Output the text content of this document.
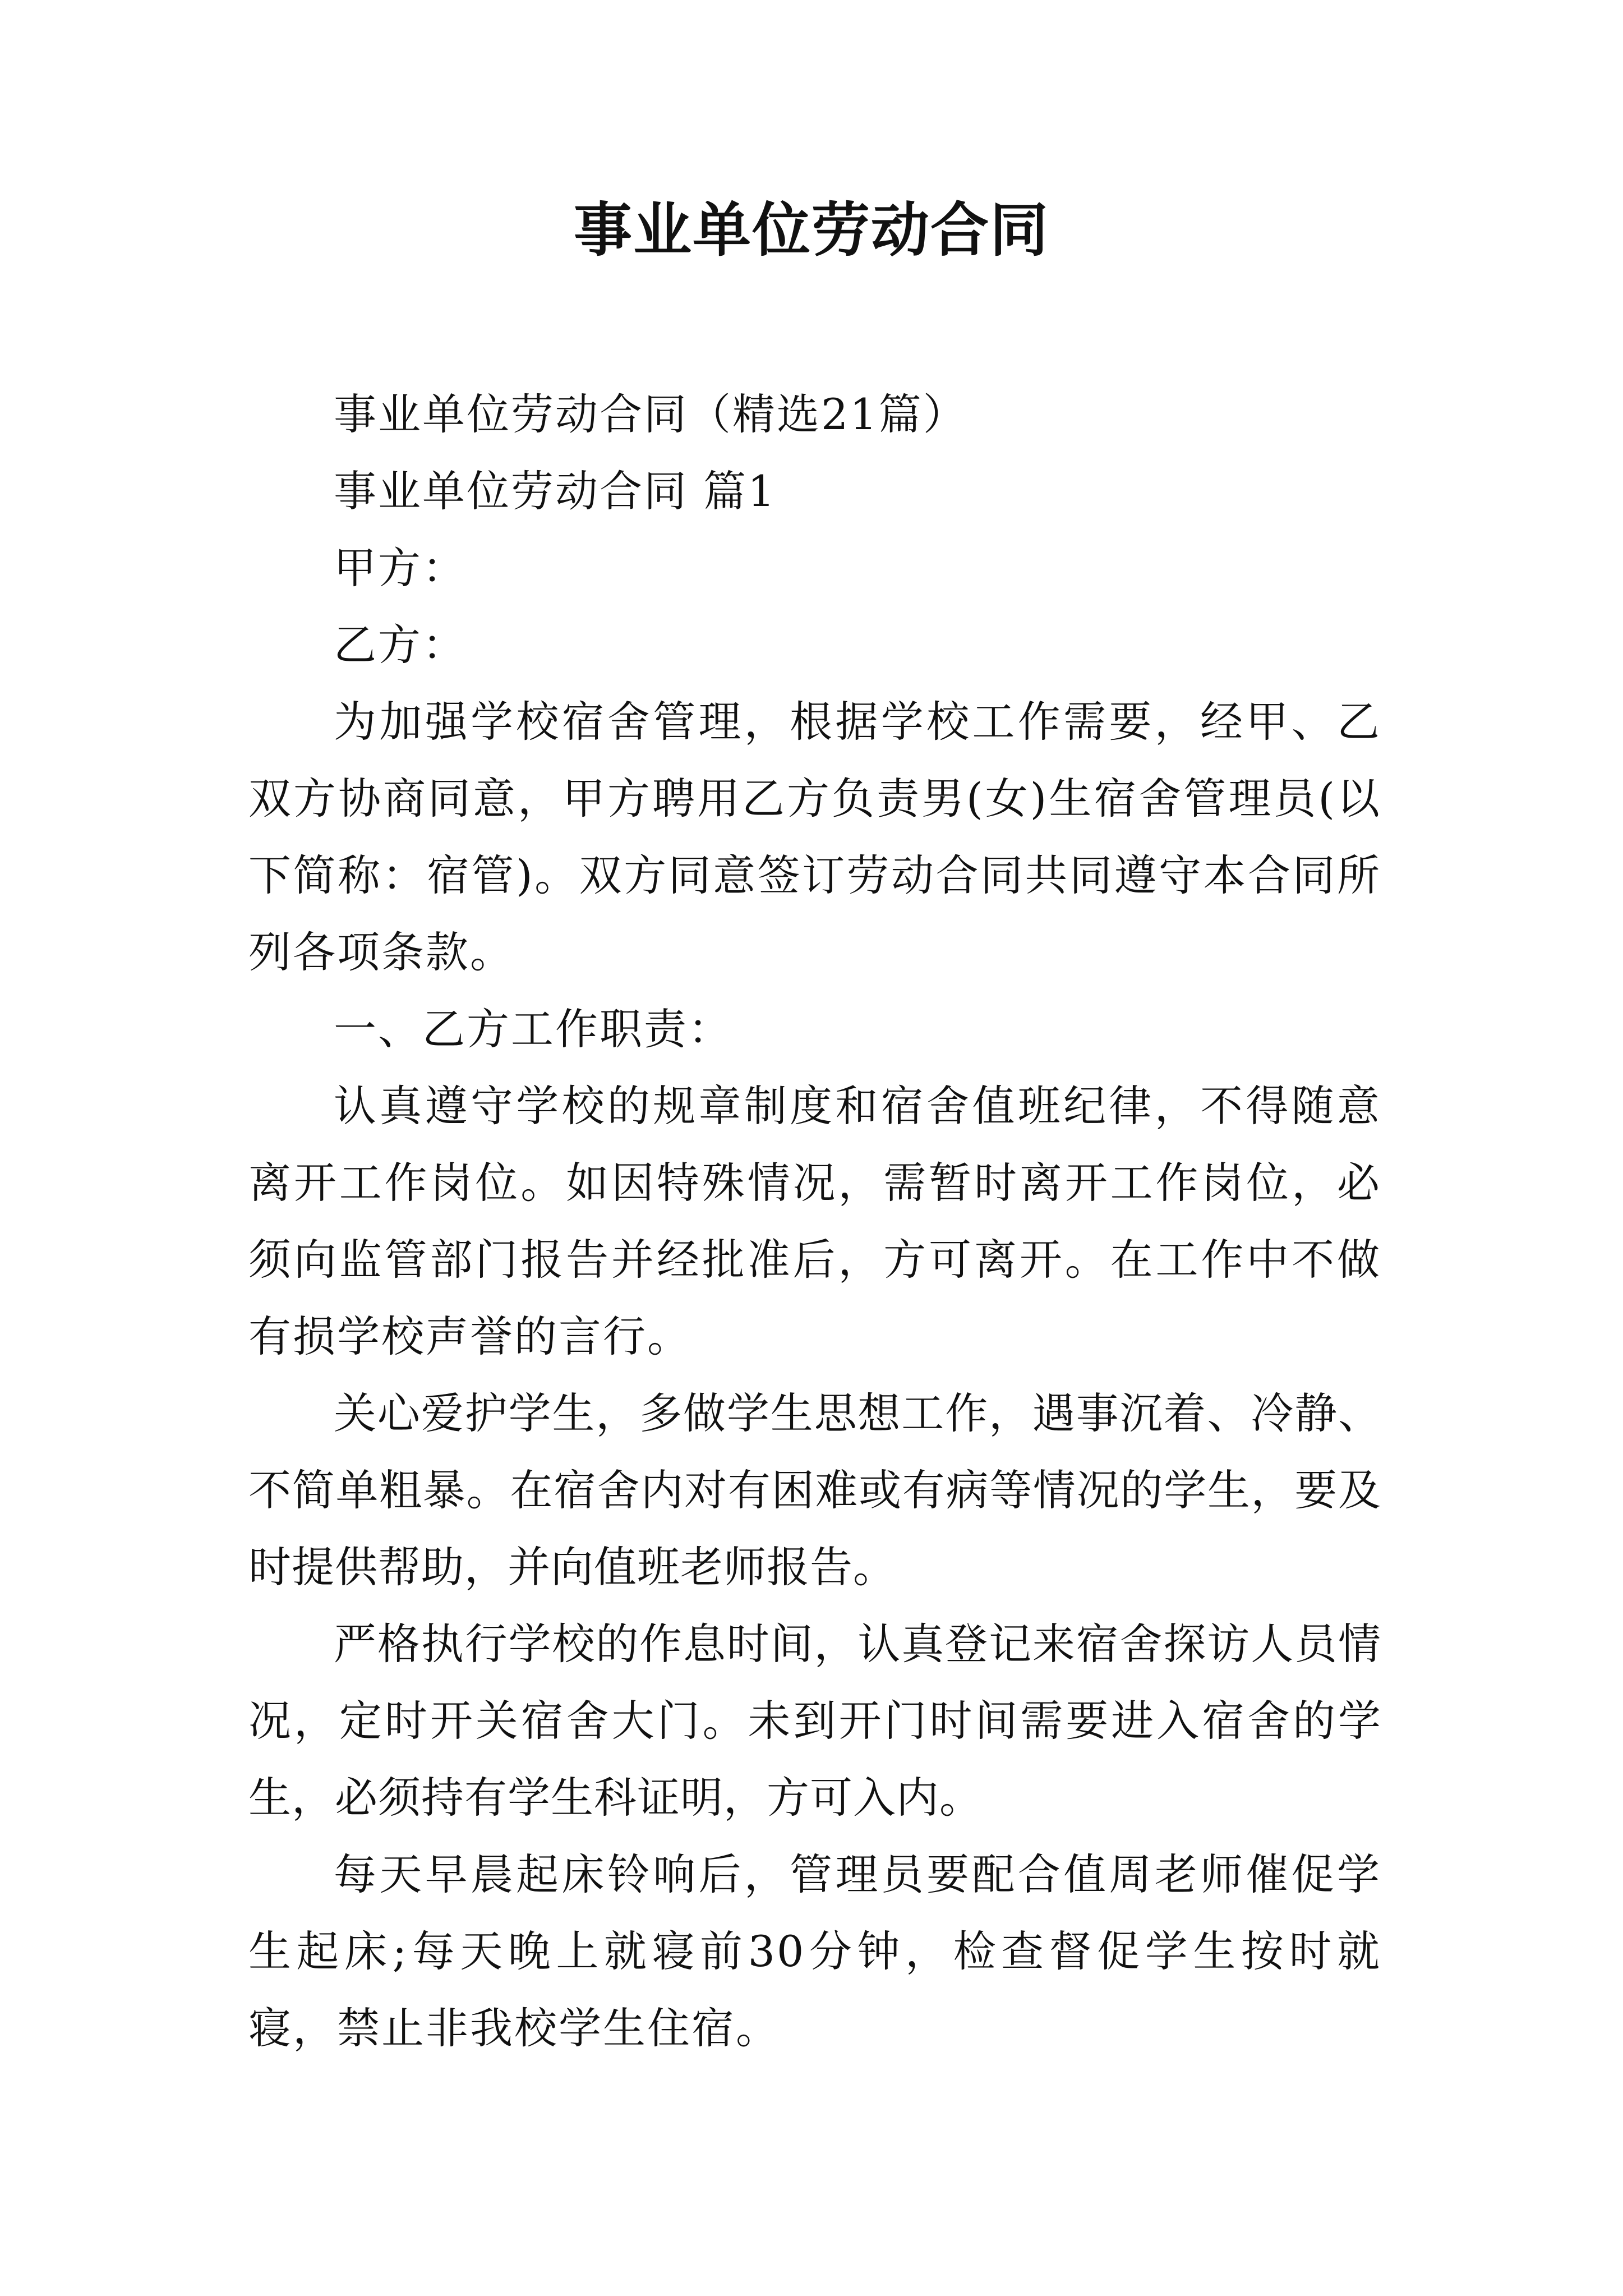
事业单位劳动合同

事业单位劳动合同（精选21篇）

事业单位劳动合同 篇1

甲方：

乙方：

为加强学校宿舍管理，根据学校工作需要，经甲、乙双方协商同意，甲方聘用乙方负责男(女)生宿舍管理员(以下简称：宿管)。双方同意签订劳动合同共同遵守本合同所列各项条款。

一、乙方工作职责：

认真遵守学校的规章制度和宿舍值班纪律，不得随意离开工作岗位。如因特殊情况，需暂时离开工作岗位，必须向监管部门报告并经批准后，方可离开。在工作中不做有损学校声誉的言行。

关心爱护学生，多做学生思想工作，遇事沉着、冷静、不简单粗暴。在宿舍内对有困难或有病等情况的学生，要及时提供帮助，并向值班老师报告。

严格执行学校的作息时间，认真登记来宿舍探访人员情况，定时开关宿舍大门。未到开门时间需要进入宿舍的学生，必须持有学生科证明，方可入内。

每天早晨起床铃响后，管理员要配合值周老师催促学生起床;每天晚上就寝前30分钟，检查督促学生按时就寝，禁止非我校学生住宿。
